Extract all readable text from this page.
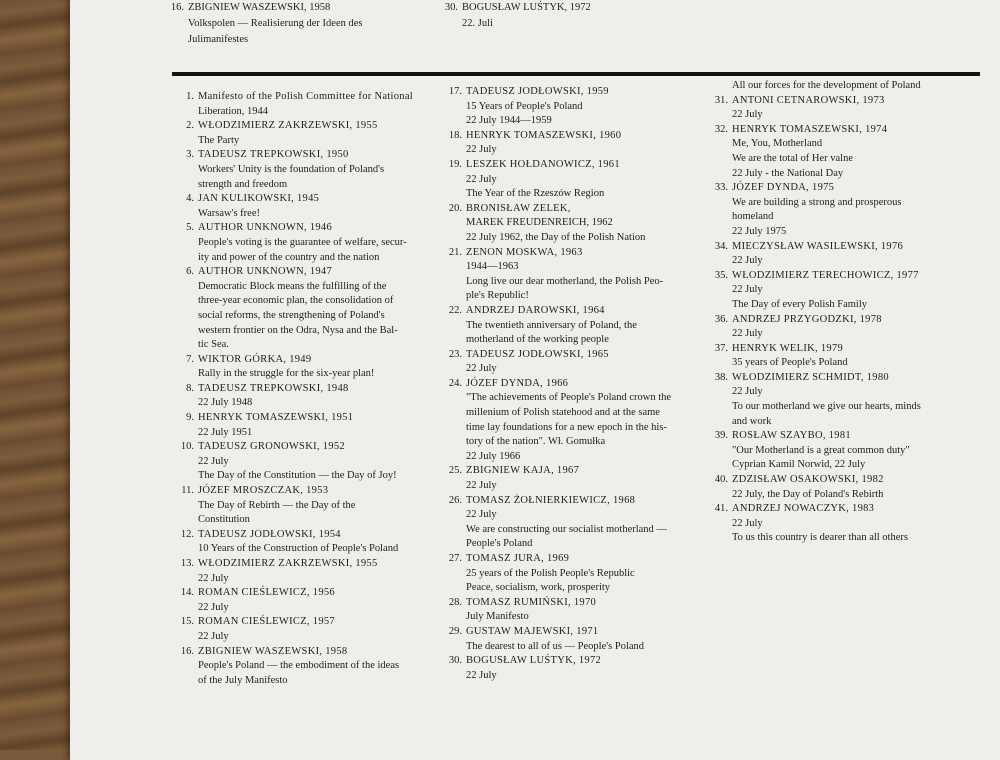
16. ZBIGNIEW WASZEWSKI, 1958
Volkspolen — Realisierung der Ideen des
Julimanifestes
30. BOGUSŁAW LUŚTYK, 1972
22. Juli
1. Manifesto of the Polish Committee for National
Liberation, 1944
2. WŁODZIMIERZ ZAKRZEWSKI, 1955
The Party
3. TADEUSZ TREPKOWSKI, 1950
Workers' Unity is the foundation of Poland's
strength and freedom
4. JAN KULIKOWSKI, 1945
Warsaw's free!
5. AUTHOR UNKNOWN, 1946
People's voting is the guarantee of welfare, secur-
ity and power of the country and the nation
6. AUTHOR UNKNOWN, 1947
Democratic Block means the fulfilling of the
three-year economic plan, the consolidation of
social reforms, the strengthening of Poland's
western frontier on the Odra, Nysa and the Bal-
tic Sea.
7. WIKTOR GÓRKA, 1949
Rally in the struggle for the six-year plan!
8. TADEUSZ TREPKOWSKI, 1948
22 July 1948
9. HENRYK TOMASZEWSKI, 1951
22 July 1951
10. TADEUSZ GRONOWSKI, 1952
22 July
The Day of the Constitution — the Day of Joy!
11. JÓZEF MROSZCZAK, 1953
The Day of Rebirth — the Day of the
Constitution
12. TADEUSZ JODŁOWSKI, 1954
10 Years of the Construction of People's Poland
13. WŁODZIMIERZ ZAKRZEWSKI, 1955
22 July
14. ROMAN CIEŚLEWICZ, 1956
22 July
15. ROMAN CIEŚLEWICZ, 1957
22 July
16. ZBIGNIEW WASZEWSKI, 1958
People's Poland — the embodiment of the ideas
of the July Manifesto
17. TADEUSZ JODŁOWSKI, 1959
15 Years of People's Poland
22 July 1944—1959
18. HENRYK TOMASZEWSKI, 1960
22 July
19. LESZEK HOŁDANOWICZ, 1961
22 July
The Year of the Rzeszów Region
20. BRONISŁAW ZELEK,
MAREK FREUDENREICH, 1962
22 July 1962, the Day of the Polish Nation
21. ZENON MOSKWA, 1963
1944—1963
Long live our dear motherland, the Polish Peo-
ple's Republic!
22. ANDRZEJ DAROWSKI, 1964
The twentieth anniversary of Poland, the
motherland of the working people
23. TADEUSZ JODŁOWSKI, 1965
22 July
24. JÓZEF DYNDA, 1966
"The achievements of People's Poland crown the
millenium of Polish statehood and at the same
time lay foundations for a new epoch in the his-
tory of the nation". Wł. Gomułka
22 July 1966
25. ZBIGNIEW KAJA, 1967
22 July
26. TOMASZ ŻOŁNIERKIEWICZ, 1968
22 July
We are constructing our socialist motherland —
People's Poland
27. TOMASZ JURA, 1969
25 years of the Polish People's Republic
Peace, socialism, work, prosperity
28. TOMASZ RUMIŃSKI, 1970
July Manifesto
29. GUSTAW MAJEWSKI, 1971
The dearest to all of us — People's Poland
30. BOGUSŁAW LUŚTYK, 1972
22 July
All our forces for the development of Poland
31. ANTONI CETNAROWSKI, 1973
22 July
32. HENRYK TOMASZEWSKI, 1974
Me, You, Motherland
We are the total of Her valne
22 July - the National Day
33. JÓZEF DYNDA, 1975
We are building a strong and prosperous
homeland
22 July 1975
34. MIECZYSŁAW WASILEWSKI, 1976
22 July
35. WŁODZIMIERZ TERECHOWICZ, 1977
22 July
The Day of every Polish Family
36. ANDRZEJ PRZYGODZKI, 1978
22 July
37. HENRYK WELIK, 1979
35 years of People's Poland
38. WŁODZIMIERZ SCHMIDT, 1980
22 July
To our motherland we give our hearts, minds
and work
39. ROSŁAW SZAYBO, 1981
"Our Motherland is a great common duty"
Cyprian Kamil Norwid, 22 July
40. ZDZISŁAW OSAKOWSKI, 1982
22 July, the Day of Poland's Rebirth
41. ANDRZEJ NOWACZYK, 1983
22 July
To us this country is dearer than all others
